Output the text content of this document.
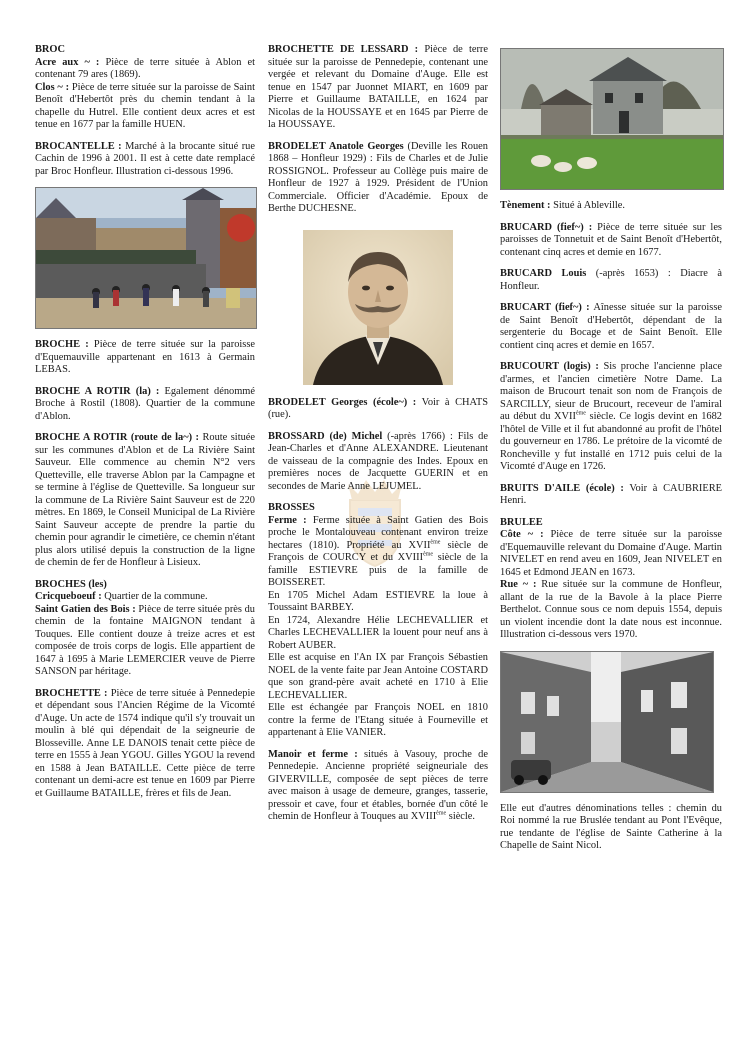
BROC

Acre aux ~ : Pièce de terre située à Ablon et contenant 79 ares (1869).

Clos ~ : Pièce de terre située sur la paroisse de Saint Benoît d'Hebertôt près du chemin tendant à la chapelle du Hutrel. Elle contient deux acres et est tenue en 1677 par la famille HUEN.

BROCANTELLE : Marché à la brocante situé rue Cachin de 1996 à 2001. Il est à cette date remplacé par Broc Honfleur. Illustration ci-dessous 1996.

BROCHE : Pièce de terre située sur la paroisse d'Equemauville appartenant en 1613 à Germain LEBAS.

BROCHE A ROTIR (la) : Egalement dénommé Broche à Rostil (1808). Quartier de la commune d'Ablon.

BROCHE A ROTIR (route de la~) : Route située sur les communes d'Ablon et de La Rivière Saint Sauveur. Elle commence au chemin N°2 vers Quetteville, elle traverse Ablon par la Campagne et se termine à l'église de Quetteville. Sa longueur sur la commune de La Rivière Saint Sauveur est de 220 mètres. En 1869, le Conseil Municipal de La Rivière Saint Sauveur accepte de prendre la partie du chemin pour agrandir le cimetière, ce chemin n'étant plus alors utilisé depuis la construction de la ligne de chemin de fer de Honfleur à Lisieux.

BROCHES (les)

Cricqueboeuf : Quartier de la commune.

Saint Gatien des Bois : Pièce de terre située près du chemin de la fontaine MAIGNON tendant à Touques. Elle contient douze à treize acres et est composée de trois corps de logis. Elle appartient de 1647 à 1695 à Marie LEMERCIER veuve de Pierre SANSON par héritage.

BROCHETTE : Pièce de terre située à Pennedepie et dépendant sous l'Ancien Régime de la Vicomté d'Auge. Un acte de 1574 indique qu'il s'y trouvait un moulin à blé qui dépendait de la seigneurie de Blosseville. Anne LE DANOIS tenait cette pièce de terre en 1555 à Jean YGOU. Gilles YGOU la revend en 1588 à Jean BATAILLE. Cette pièce de terre contenant un demi-acre est tenue en 1609 par Pierre et Guillaume BATAILLE, frères et fils de Jean.

BROCHETTE DE LESSARD : Pièce de terre située sur la paroisse de Pennedepie, contenant une vergée et relevant du Domaine d'Auge. Elle est tenue en 1547 par Juonnet MIART, en 1609 par Pierre et Guillaume BATAILLE, en 1624 par Nicolas de la HOUSSAYE et en 1645 par Pierre de la HOUSSAYE.

BRODELET Anatole Georges (Deville les Rouen 1868 – Honfleur 1929) : Fils de Charles et de Julie ROSSIGNOL. Professeur au Collège puis maire de Honfleur de 1927 à 1929. Président de l'Union Commerciale. Officier d'Académie. Epoux de Berthe DUCHESNE.

BRODELET Georges (école~) : Voir à CHATS (rue).

BROSSARD (de) Michel (-après 1766) : Fils de Jean-Charles et d'Anne ALEXANDRE. Lieutenant de vaisseau de la compagnie des Indes. Epoux en premières noces de Jacquette GUERIN et en secondes de Marie Anne LEJUMEL.

BROSSES

Ferme : Ferme située à Saint Gatien des Bois proche le Montalouveau contenant environ treize hectares (1810). Propriété au XVIIème siècle de François de COURCY et du XVIIIème siècle de la famille ESTIEVRE puis de la famille de BOISSERET.

En 1705 Michel Adam ESTIEVRE la loue à Toussaint BARBEY.

En 1724, Alexandre Hélie LECHEVALLIER et Charles LECHEVALLIER la louent pour neuf ans à Robert AUBER.

Elle est acquise en l'An IX par François Sébastien NOEL de la vente faite par Jean Antoine COSTARD que son grand-père avait acheté en 1710 à Elie LECHEVALLIER.

Elle est échangée par François NOEL en 1810 contre la ferme de l'Etang située à Fourneville et appartenant à Elie VANIER.

Manoir et ferme : situés à Vasouy, proche de Pennedepie. Ancienne propriété seigneuriale des GIVERVILLE, composée de sept pièces de terre avec maison à usage de demeure, granges, tasserie, pressoir et cave, four et étables, bornée d'un côté le chemin de Honfleur à Touques au XVIIIème siècle.

Tènement : Situé à Ableville.

BRUCARD (fief~) : Pièce de terre située sur les paroisses de Tonnetuit et de Saint Benoît d'Hebertôt, contenant cinq acres et demie en 1677.

BRUCARD Louis (-après 1653) : Diacre à Honfleur.

BRUCART (fief~) : Aînesse située sur la paroisse de Saint Benoît d'Hebertôt, dépendant de la sergenterie du Bocage et de Saint Benoît. Elle contient cinq acres et demie en 1657.

BRUCOURT (logis) : Sis proche l'ancienne place d'armes, et l'ancien cimetière Notre Dame. La maison de Brucourt tenait son nom de François de SARCILLY, sieur de Brucourt, receveur de l'amiral au début du XVIIème siècle. Ce logis devint en 1682 l'hôtel de Ville et il fut abandonné au profit de l'hôtel du gouverneur en 1786. Le prétoire de la vicomté de Roncheville y fut installé en 1712 puis celui de la Vicomté d'Auge en 1726.

BRUITS D'AILE (école) : Voir à CAUBRIERE Henri.

BRULEE

Côte ~ : Pièce de terre située sur la paroisse d'Equemauville relevant du Domaine d'Auge. Martin NIVELET en rend aveu en 1609, Jean NIVELET en 1645 et Edmond JEAN en 1673.

Rue ~ : Rue située sur la commune de Honfleur, allant de la rue de la Bavole à la place Pierre Berthelot. Connue sous ce nom depuis 1554, depuis un violent incendie dont la date nous est inconnue. Illustration ci-dessous vers 1970.

Elle eut d'autres dénominations telles : chemin du Roi nommé la rue Bruslée tendant au Pont l'Evêque, rue tendante de l'église de Sainte Catherine à la Chapelle de Saint Nicol.
